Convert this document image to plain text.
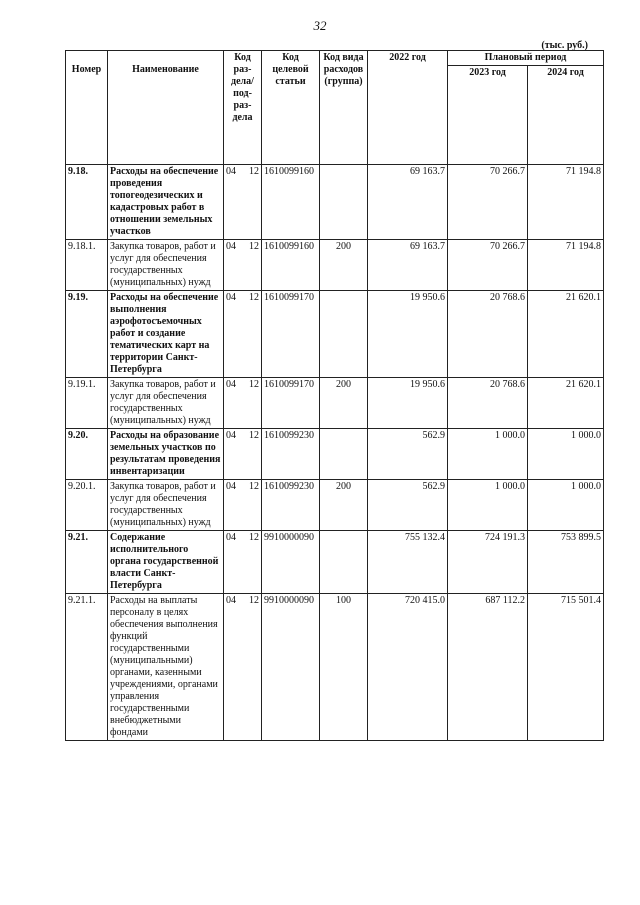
32
(тыс. руб.)
Номер	Наименование	Код раз-дела/ под-раз-дела	Код целевой статьи	Код вида расходов (группа)	2022 год	Плановый период	
						2023 год	2024 год
9.18.	Расходы на обеспечение проведения топогеодезических и кадастровых работ в отношении земельных участков	04 12	1610099160		69 163.7	70 266.7	71 194.8
9.18.1.	Закупка товаров, работ и услуг для обеспечения государственных (муниципальных) нужд	04 12	1610099160	200	69 163.7	70 266.7	71 194.8
9.19.	Расходы на обеспечение выполнения аэрофотосъемочных работ и создание тематических карт на территории Санкт-Петербурга	04 12	1610099170		19 950.6	20 768.6	21 620.1
9.19.1.	Закупка товаров, работ и услуг для обеспечения государственных (муниципальных) нужд	04 12	1610099170	200	19 950.6	20 768.6	21 620.1
9.20.	Расходы на образование земельных участков по результатам проведения инвентаризации	04 12	1610099230		562.9	1 000.0	1 000.0
9.20.1.	Закупка товаров, работ и услуг для обеспечения государственных (муниципальных) нужд	04 12	1610099230	200	562.9	1 000.0	1 000.0
9.21.	Содержание исполнительного органа государственной власти Санкт-Петербурга	04 12	9910000090		755 132.4	724 191.3	753 899.5
9.21.1.	Расходы на выплаты персоналу в целях обеспечения выполнения функций государственными (муниципальными) органами, казенными учреждениями, органами управления государственными внебюджетными фондами	04 12	9910000090	100	720 415.0	687 112.2	715 501.4
